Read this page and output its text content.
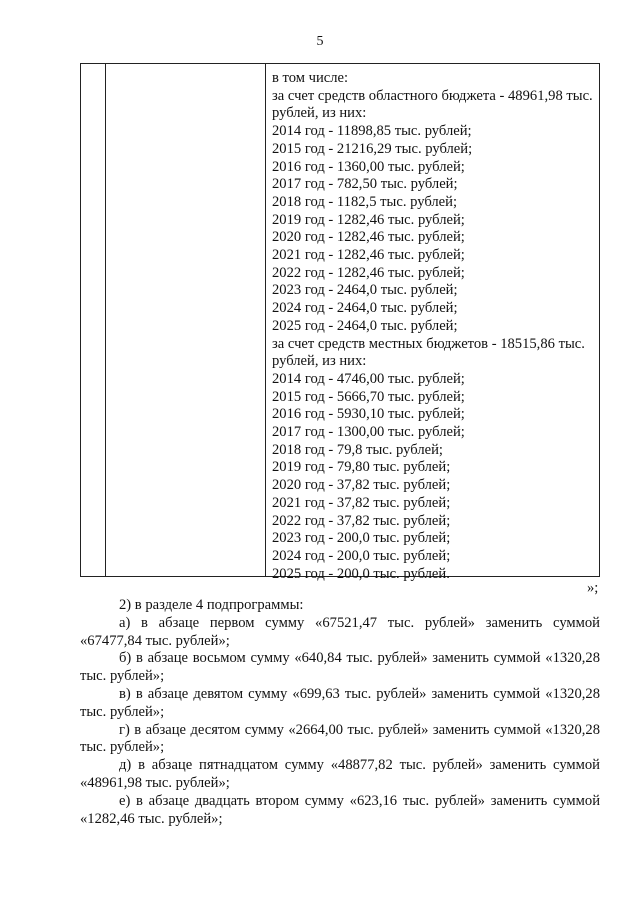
5
в том числе:
за счет средств областного бюджета - 48961,98 тыс. рублей, из них:
2014 год - 11898,85 тыс. рублей;
2015 год - 21216,29 тыс. рублей;
2016 год - 1360,00 тыс. рублей;
2017 год - 782,50 тыс. рублей;
2018 год - 1182,5 тыс. рублей;
2019 год - 1282,46 тыс. рублей;
2020 год - 1282,46 тыс. рублей;
2021 год - 1282,46 тыс. рублей;
2022 год - 1282,46 тыс. рублей;
2023 год - 2464,0 тыс. рублей;
2024 год - 2464,0 тыс. рублей;
2025 год - 2464,0 тыс. рублей;
за счет средств местных бюджетов - 18515,86 тыс. рублей, из них:
2014 год - 4746,00 тыс. рублей;
2015 год - 5666,70 тыс. рублей;
2016 год - 5930,10 тыс. рублей;
2017 год - 1300,00 тыс. рублей;
2018 год - 79,8 тыс. рублей;
2019 год - 79,80 тыс. рублей;
2020 год - 37,82 тыс. рублей;
2021 год - 37,82 тыс. рублей;
2022 год - 37,82 тыс. рублей;
2023 год - 200,0 тыс. рублей;
2024 год - 200,0 тыс. рублей;
2025 год - 200,0 тыс. рублей.
»;

2) в разделе 4 подпрограммы:

а) в абзаце первом сумму «67521,47 тыс. рублей» заменить суммой «67477,84 тыс. рублей»;

б) в абзаце восьмом сумму «640,84 тыс. рублей» заменить суммой «1320,28 тыс. рублей»;

в) в абзаце девятом сумму «699,63 тыс. рублей» заменить суммой «1320,28 тыс. рублей»;

г) в абзаце десятом сумму «2664,00 тыс. рублей» заменить суммой «1320,28 тыс. рублей»;

д) в абзаце пятнадцатом сумму «48877,82 тыс. рублей» заменить суммой «48961,98 тыс. рублей»;

е) в абзаце двадцать втором сумму «623,16 тыс. рублей» заменить суммой «1282,46 тыс. рублей»;
